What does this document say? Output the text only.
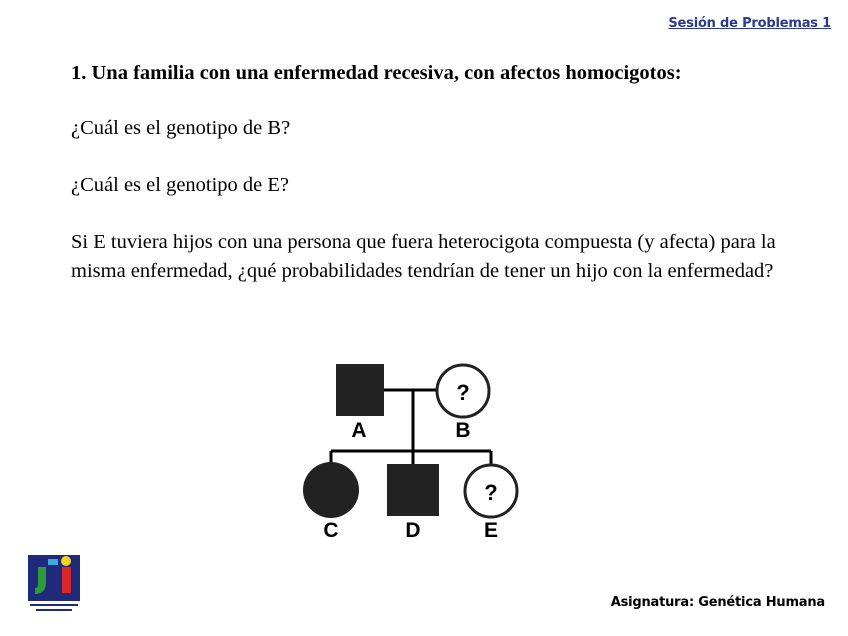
Sesión de Problemas 1

1. Una familia con una enfermedad recesiva, con afectos homocigotos:

¿Cuál es el genotipo de B?

¿Cuál es el genotipo de E?

Si E tuviera hijos con una persona que fuera heterocigota compuesta (y afecta) para la misma enfermedad, ¿qué probabilidades tendrían de tener un hijo con la enfermedad?

?
?
A	B
C	D	E
Asignatura: Genética Humana
